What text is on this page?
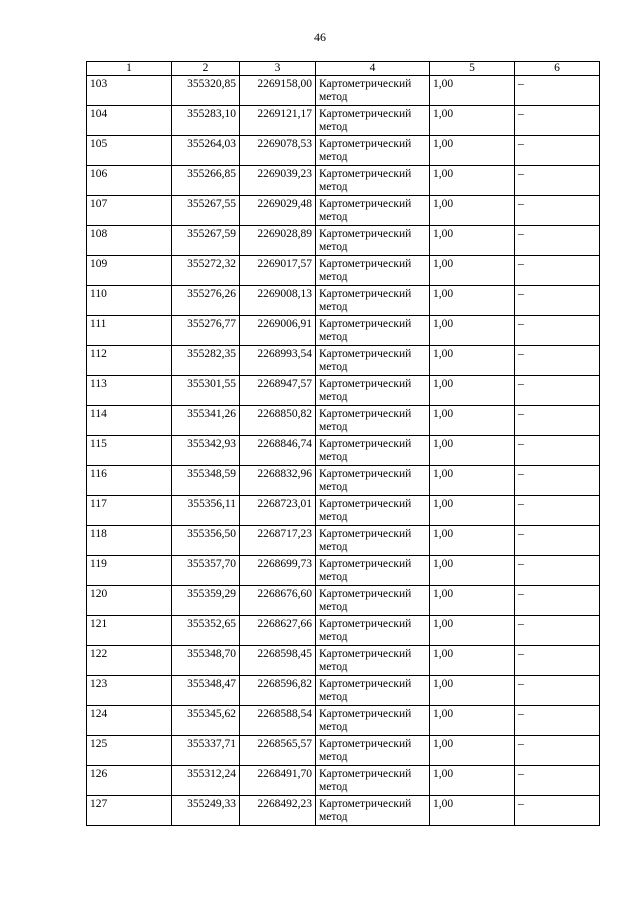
46
1	2	3	4	5	6
103	355320,85	2269158,00	Картометрический метод	1,00	–
104	355283,10	2269121,17	Картометрический метод	1,00	–
105	355264,03	2269078,53	Картометрический метод	1,00	–
106	355266,85	2269039,23	Картометрический метод	1,00	–
107	355267,55	2269029,48	Картометрический метод	1,00	–
108	355267,59	2269028,89	Картометрический метод	1,00	–
109	355272,32	2269017,57	Картометрический метод	1,00	–
110	355276,26	2269008,13	Картометрический метод	1,00	–
111	355276,77	2269006,91	Картометрический метод	1,00	–
112	355282,35	2268993,54	Картометрический метод	1,00	–
113	355301,55	2268947,57	Картометрический метод	1,00	–
114	355341,26	2268850,82	Картометрический метод	1,00	–
115	355342,93	2268846,74	Картометрический метод	1,00	–
116	355348,59	2268832,96	Картометрический метод	1,00	–
117	355356,11	2268723,01	Картометрический метод	1,00	–
118	355356,50	2268717,23	Картометрический метод	1,00	–
119	355357,70	2268699,73	Картометрический метод	1,00	–
120	355359,29	2268676,60	Картометрический метод	1,00	–
121	355352,65	2268627,66	Картометрический метод	1,00	–
122	355348,70	2268598,45	Картометрический метод	1,00	–
123	355348,47	2268596,82	Картометрический метод	1,00	–
124	355345,62	2268588,54	Картометрический метод	1,00	–
125	355337,71	2268565,57	Картометрический метод	1,00	–
126	355312,24	2268491,70	Картометрический метод	1,00	–
127	355249,33	2268492,23	Картометрический метод	1,00	–
